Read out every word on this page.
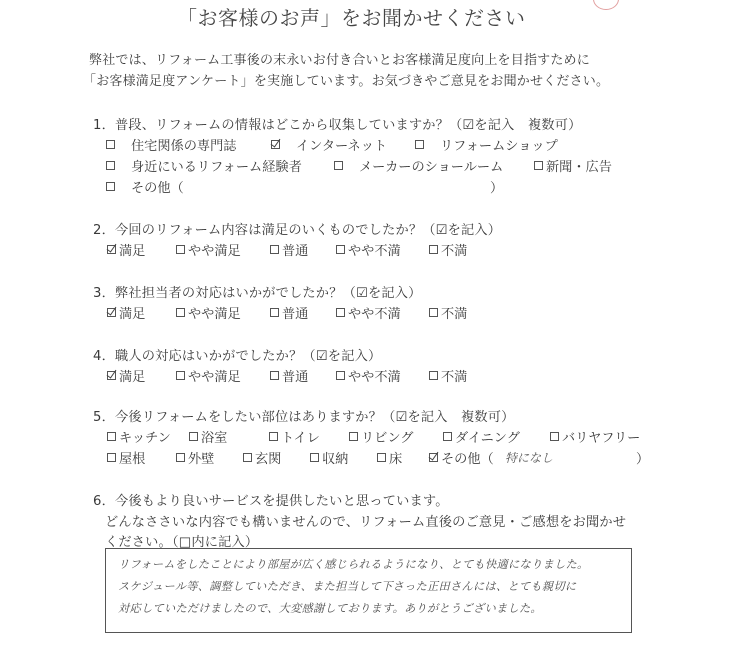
「お客様のお声」をお聞かせください
弊社では、リフォーム工事後の末永いお付き合いとお客様満足度向上を目指すために
「お客様満足度アンケート」を実施しています。お気づきやご意見をお聞かせください。
1．普段、リフォームの情報はどこから収集していますか？（☑を記入　複数可）
住宅関係の専門誌	インターネット	リフォームショップ
身近にいるリフォーム経験者	メーカーのショールーム	新聞・広告
その他（	）
2．今回のリフォーム内容は満足のいくものでしたか？（☑を記入）
満足	やや満足	普通	やや不満	不満
3．弊社担当者の対応はいかがでしたか？（☑を記入）
満足	やや満足	普通	やや不満	不満
4．職人の対応はいかがでしたか？（☑を記入）
満足	やや満足	普通	やや不満	不満
5．今後リフォームをしたい部位はありますか？（☑を記入　複数可）
キッチン 浴室	トイレ	リビング	ダイニング	バリヤフリー
屋根	外壁	玄関	収納	床	その他（ 特になし	）
6．今後もより良いサービスを提供したいと思っています。
どんなささいな内容でも構いませんので、リフォーム直後のご意見・ご感想をお聞かせ
ください。（□内に記入）
リフォームをしたことにより部屋が広く感じられるようになり、とても快適になりました。
スケジュール等、調整していただき、また担当して下さった正田さんには、とても親切に
対応していただけましたので、大変感謝しております。ありがとうございました。
